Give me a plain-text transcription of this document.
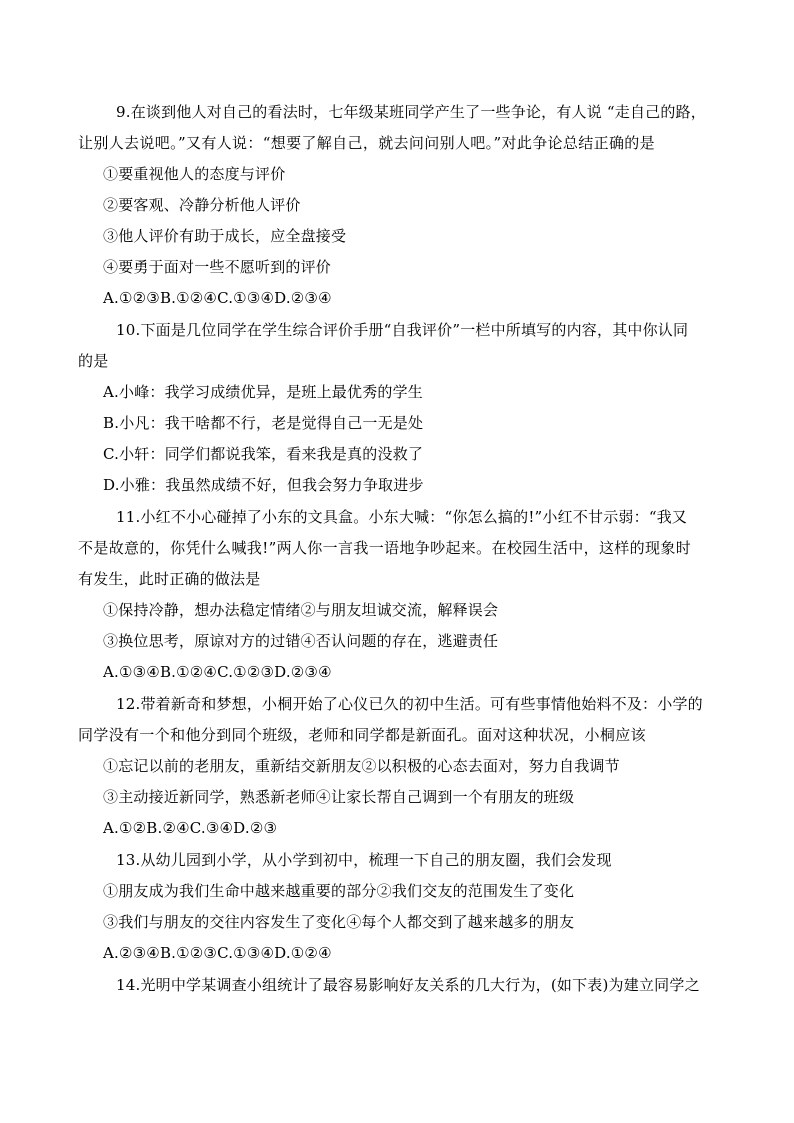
9.在谈到他人对自己的看法时，七年级某班同学产生了一些争论，有人说 “走自己的路，
让别人去说吧。”又有人说：“想要了解自己，就去问问别人吧。”对此争论总结正确的是
①要重视他人的态度与评价
②要客观、冷静分析他人评价
③他人评价有助于成长，应全盘接受
④要勇于面对一些不愿听到的评价
A.①②③B.①②④C.①③④D.②③④
10.下面是几位同学在学生综合评价手册“自我评价”一栏中所填写的内容，其中你认同
的是
A.小峰：我学习成绩优异，是班上最优秀的学生
B.小凡：我干啥都不行，老是觉得自己一无是处
C.小轩：同学们都说我笨，看来我是真的没救了
D.小雅：我虽然成绩不好，但我会努力争取进步
11.小红不小心碰掉了小东的文具盒。小东大喊：“你怎么搞的!”小红不甘示弱：“我又
不是故意的，你凭什么喊我!”两人你一言我一语地争吵起来。在校园生活中，这样的现象时
有发生，此时正确的做法是
①保持冷静，想办法稳定情绪②与朋友坦诚交流，解释误会
③换位思考，原谅对方的过错④否认问题的存在，逃避责任
A.①③④B.①②④C.①②③D.②③④
12.带着新奇和梦想，小桐开始了心仪已久的初中生活。可有些事情他始料不及：小学的
同学没有一个和他分到同个班级，老师和同学都是新面孔。面对这种状况，小桐应该
①忘记以前的老朋友，重新结交新朋友②以积极的心态去面对，努力自我调节
③主动接近新同学，熟悉新老师④让家长帮自己调到一个有朋友的班级
A.①②B.②④C.③④D.②③
13.从幼儿园到小学，从小学到初中，梳理一下自己的朋友圈，我们会发现
①朋友成为我们生命中越来越重要的部分②我们交友的范围发生了变化
③我们与朋友的交往内容发生了变化④每个人都交到了越来越多的朋友
A.②③④B.①②③C.①③④D.①②④
14.光明中学某调查小组统计了最容易影响好友关系的几大行为，(如下表)为建立同学之
